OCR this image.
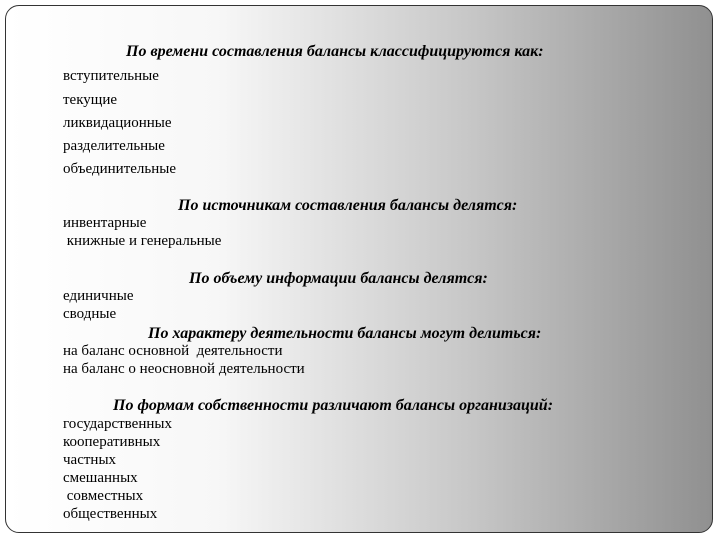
По времени составления балансы классифицируются как:
вступительные
текущие
ликвидационные
разделительные
объединительные
По источникам составления балансы делятся:
инвентарные
книжные и генеральные
По объему информации балансы делятся:
единичные
сводные
По характеру деятельности балансы могут делиться:
на баланс основной  деятельности
на баланс о неосновной деятельности
По формам собственности различают балансы организаций:
государственных
кооперативных
частных
смешанных
совместных
общественных
